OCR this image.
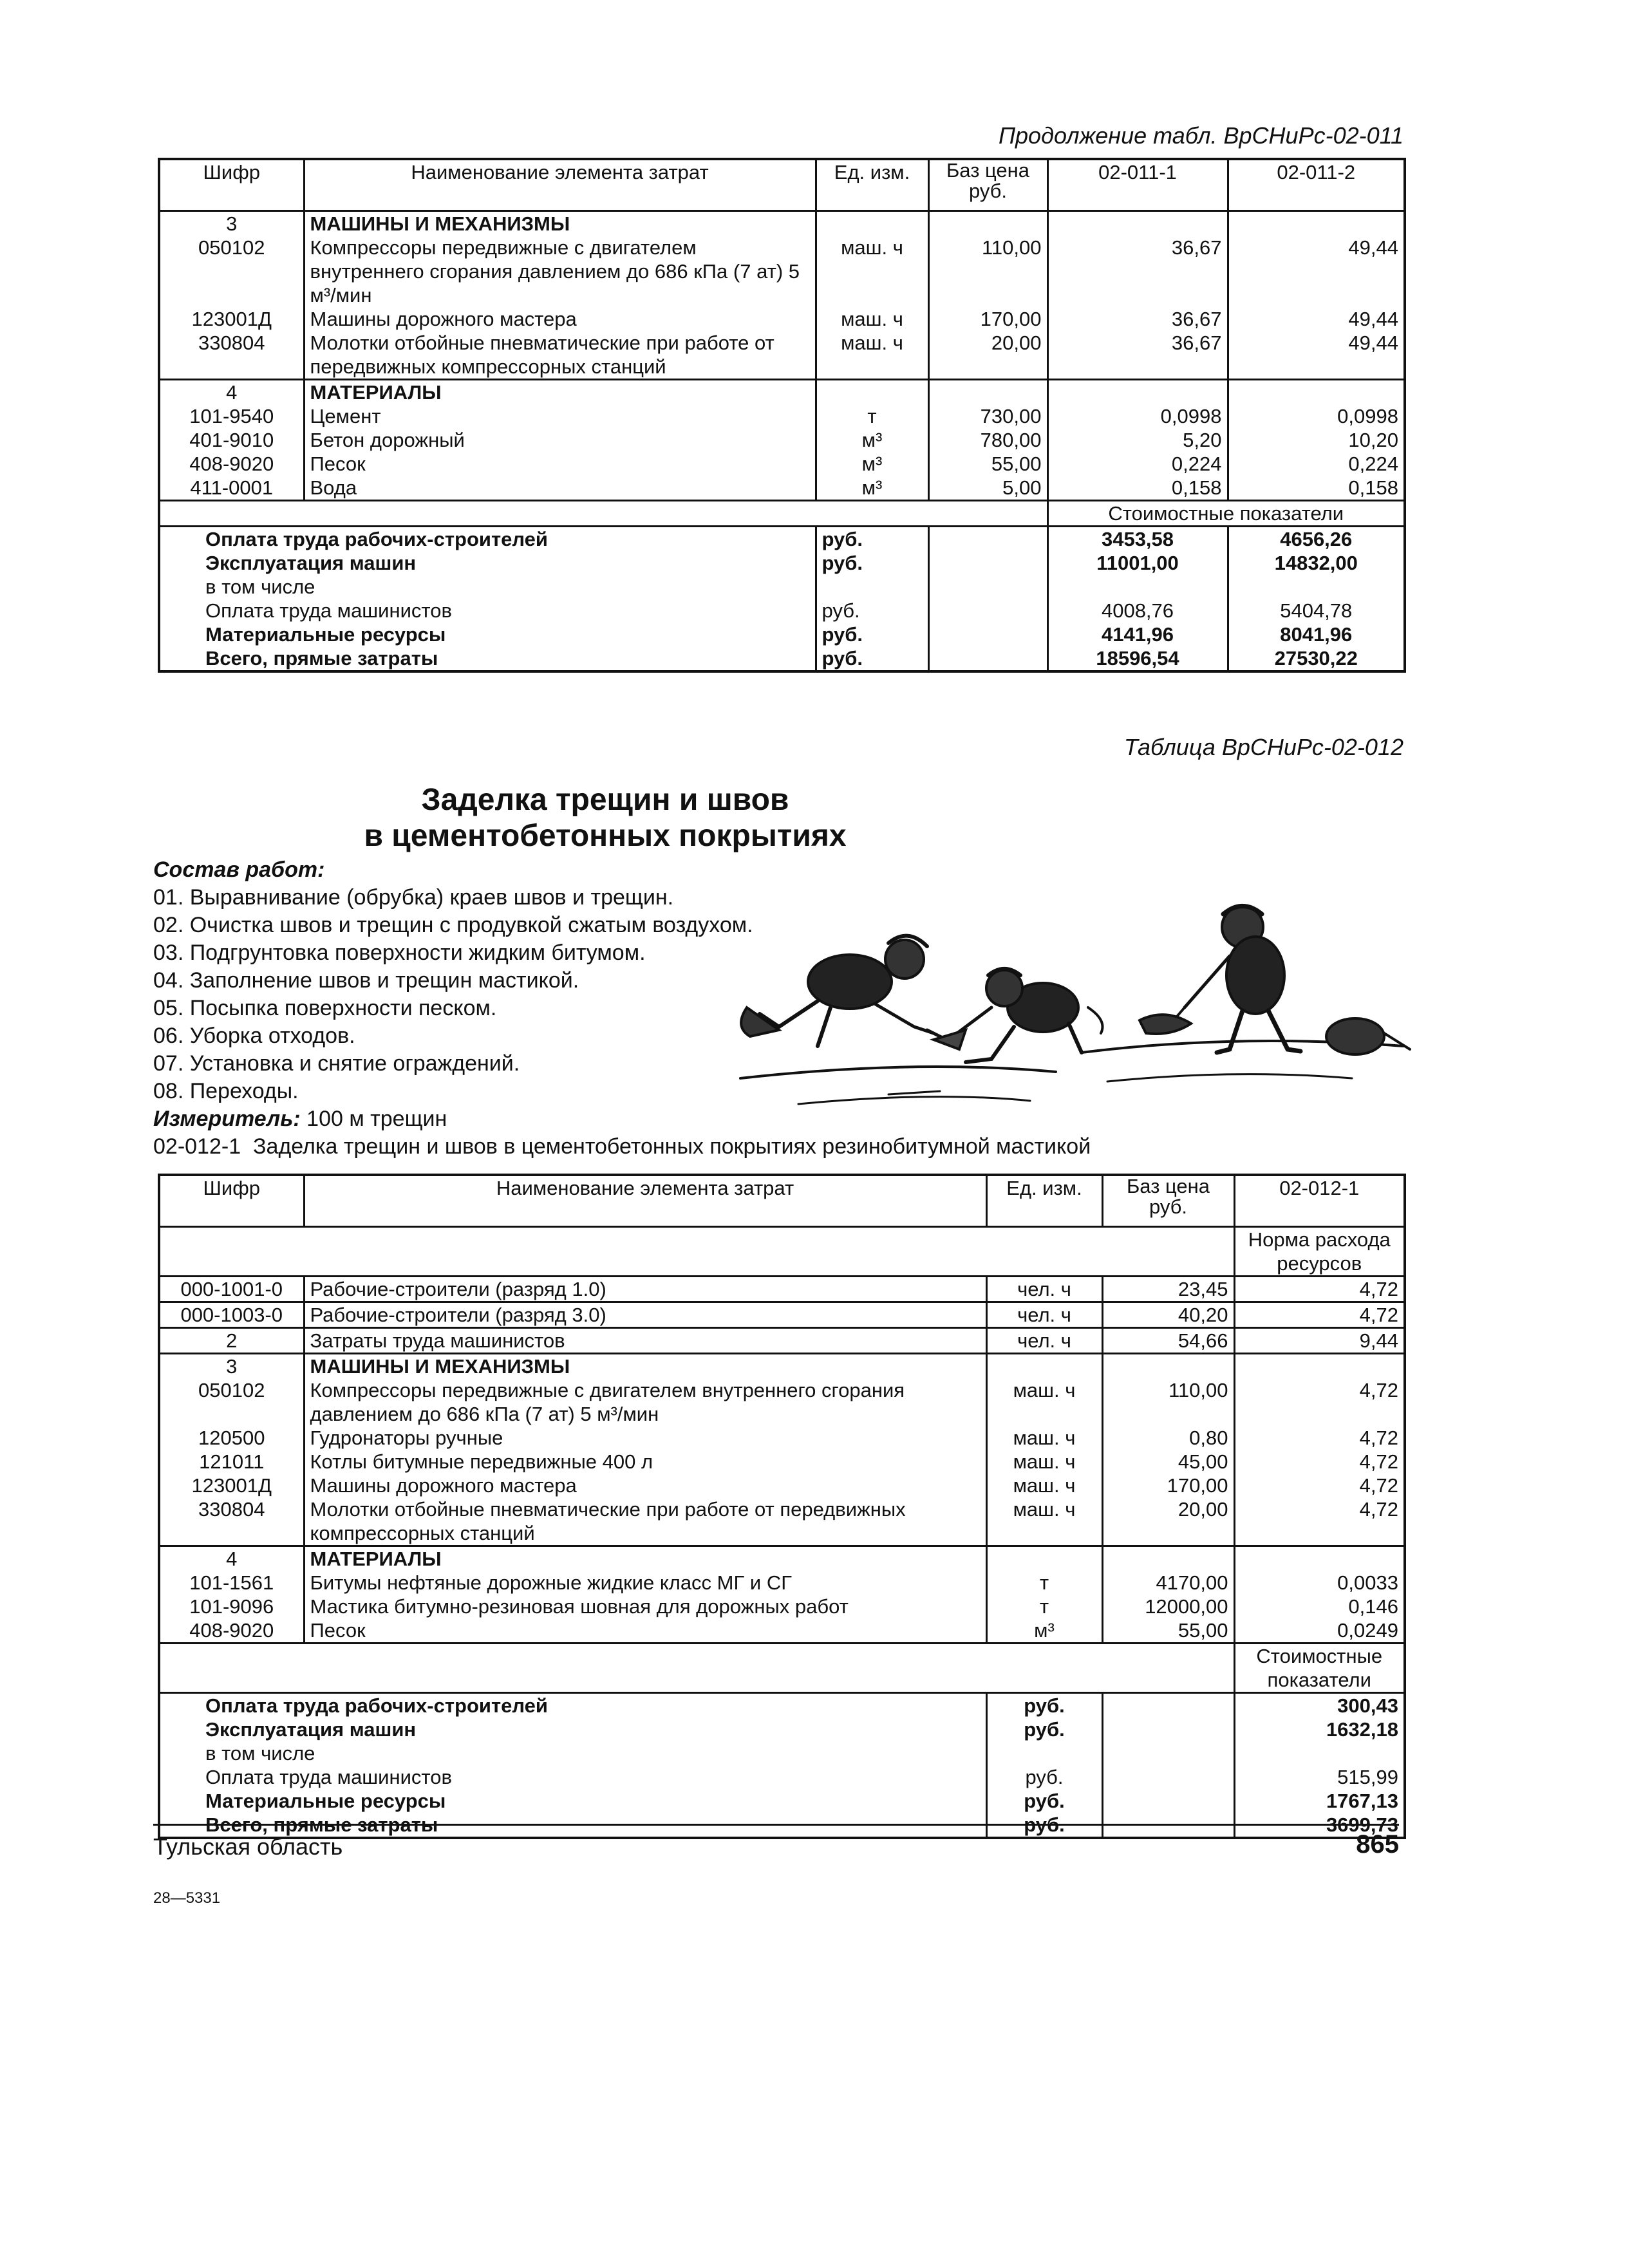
Продолжение табл. ВрСНиРс-02-011
Шифр	Наименование элемента затрат	Ед. изм.	Баз цена руб.	02-011-1	02-011-2
3	МАШИНЫ И МЕХАНИЗМЫ				
050102	Компрессоры передвижные с двигателем внутреннего сгорания давлением до 686 кПа (7 ат) 5 м³/мин	маш. ч	110,00	36,67	49,44
123001Д	Машины дорожного мастера	маш. ч	170,00	36,67	49,44
330804	Молотки отбойные пневматические при работе от передвижных компрессорных станций	маш. ч	20,00	36,67	49,44
4	МАТЕРИАЛЫ				
101-9540	Цемент	т	730,00	0,0998	0,0998
401-9010	Бетон дорожный	м³	780,00	5,20	10,20
408-9020	Песок	м³	55,00	0,224	0,224
411-0001	Вода	м³	5,00	0,158	0,158
				Стоимостные показатели	
Оплата труда рабочих-строителей		руб.		3453,58	4656,26
Эксплуатация машин		руб.		11001,00	14832,00
в том числе					
Оплата труда машинистов		руб.		4008,76	5404,78
Материальные ресурсы		руб.		4141,96	8041,96
Всего, прямые затраты		руб.		18596,54	27530,22
Таблица ВрСНиРс-02-012
Заделка трещин и швов
в цементобетонных покрытиях
Состав работ:
01. Выравнивание (обрубка) краев швов и трещин.
02. Очистка швов и трещин с продувкой сжатым воздухом.
03. Подгрунтовка поверхности жидким битумом.
04. Заполнение швов и трещин мастикой.
05. Посыпка поверхности песком.
06. Уборка отходов.
07. Установка и снятие ограждений.
08. Переходы.
Измеритель: 100 м трещин
02-012-1  Заделка трещин и швов в цементобетонных покрытиях резинобитумной мастикой
Шифр	Наименование элемента затрат	Ед. изм.	Баз цена руб.	02-012-1
				Норма расхода ресурсов
000-1001-0	Рабочие-строители (разряд 1.0)	чел. ч	23,45	4,72
000-1003-0	Рабочие-строители (разряд 3.0)	чел. ч	40,20	4,72
2	Затраты труда машинистов	чел. ч	54,66	9,44
3	МАШИНЫ И МЕХАНИЗМЫ			
050102	Компрессоры передвижные с двигателем внутреннего сгорания давлением до 686 кПа (7 ат) 5 м³/мин	маш. ч	110,00	4,72
120500	Гудронаторы ручные	маш. ч	0,80	4,72
121011	Котлы битумные передвижные 400 л	маш. ч	45,00	4,72
123001Д	Машины дорожного мастера	маш. ч	170,00	4,72
330804	Молотки отбойные пневматические при работе от передвижных компрессорных станций	маш. ч	20,00	4,72
4	МАТЕРИАЛЫ			
101-1561	Битумы нефтяные дорожные жидкие класс МГ и СГ	т	4170,00	0,0033
101-9096	Мастика битумно-резиновая шовная для дорожных работ	т	12000,00	0,146
408-9020	Песок	м³	55,00	0,0249
				Стоимостные показатели
Оплата труда рабочих-строителей		руб.		300,43
Эксплуатация машин		руб.		1632,18
в том числе				
Оплата труда машинистов		руб.		515,99
Материальные ресурсы		руб.		1767,13
Всего, прямые затраты		руб.		3699,73
Тульская область	865
28—5331
